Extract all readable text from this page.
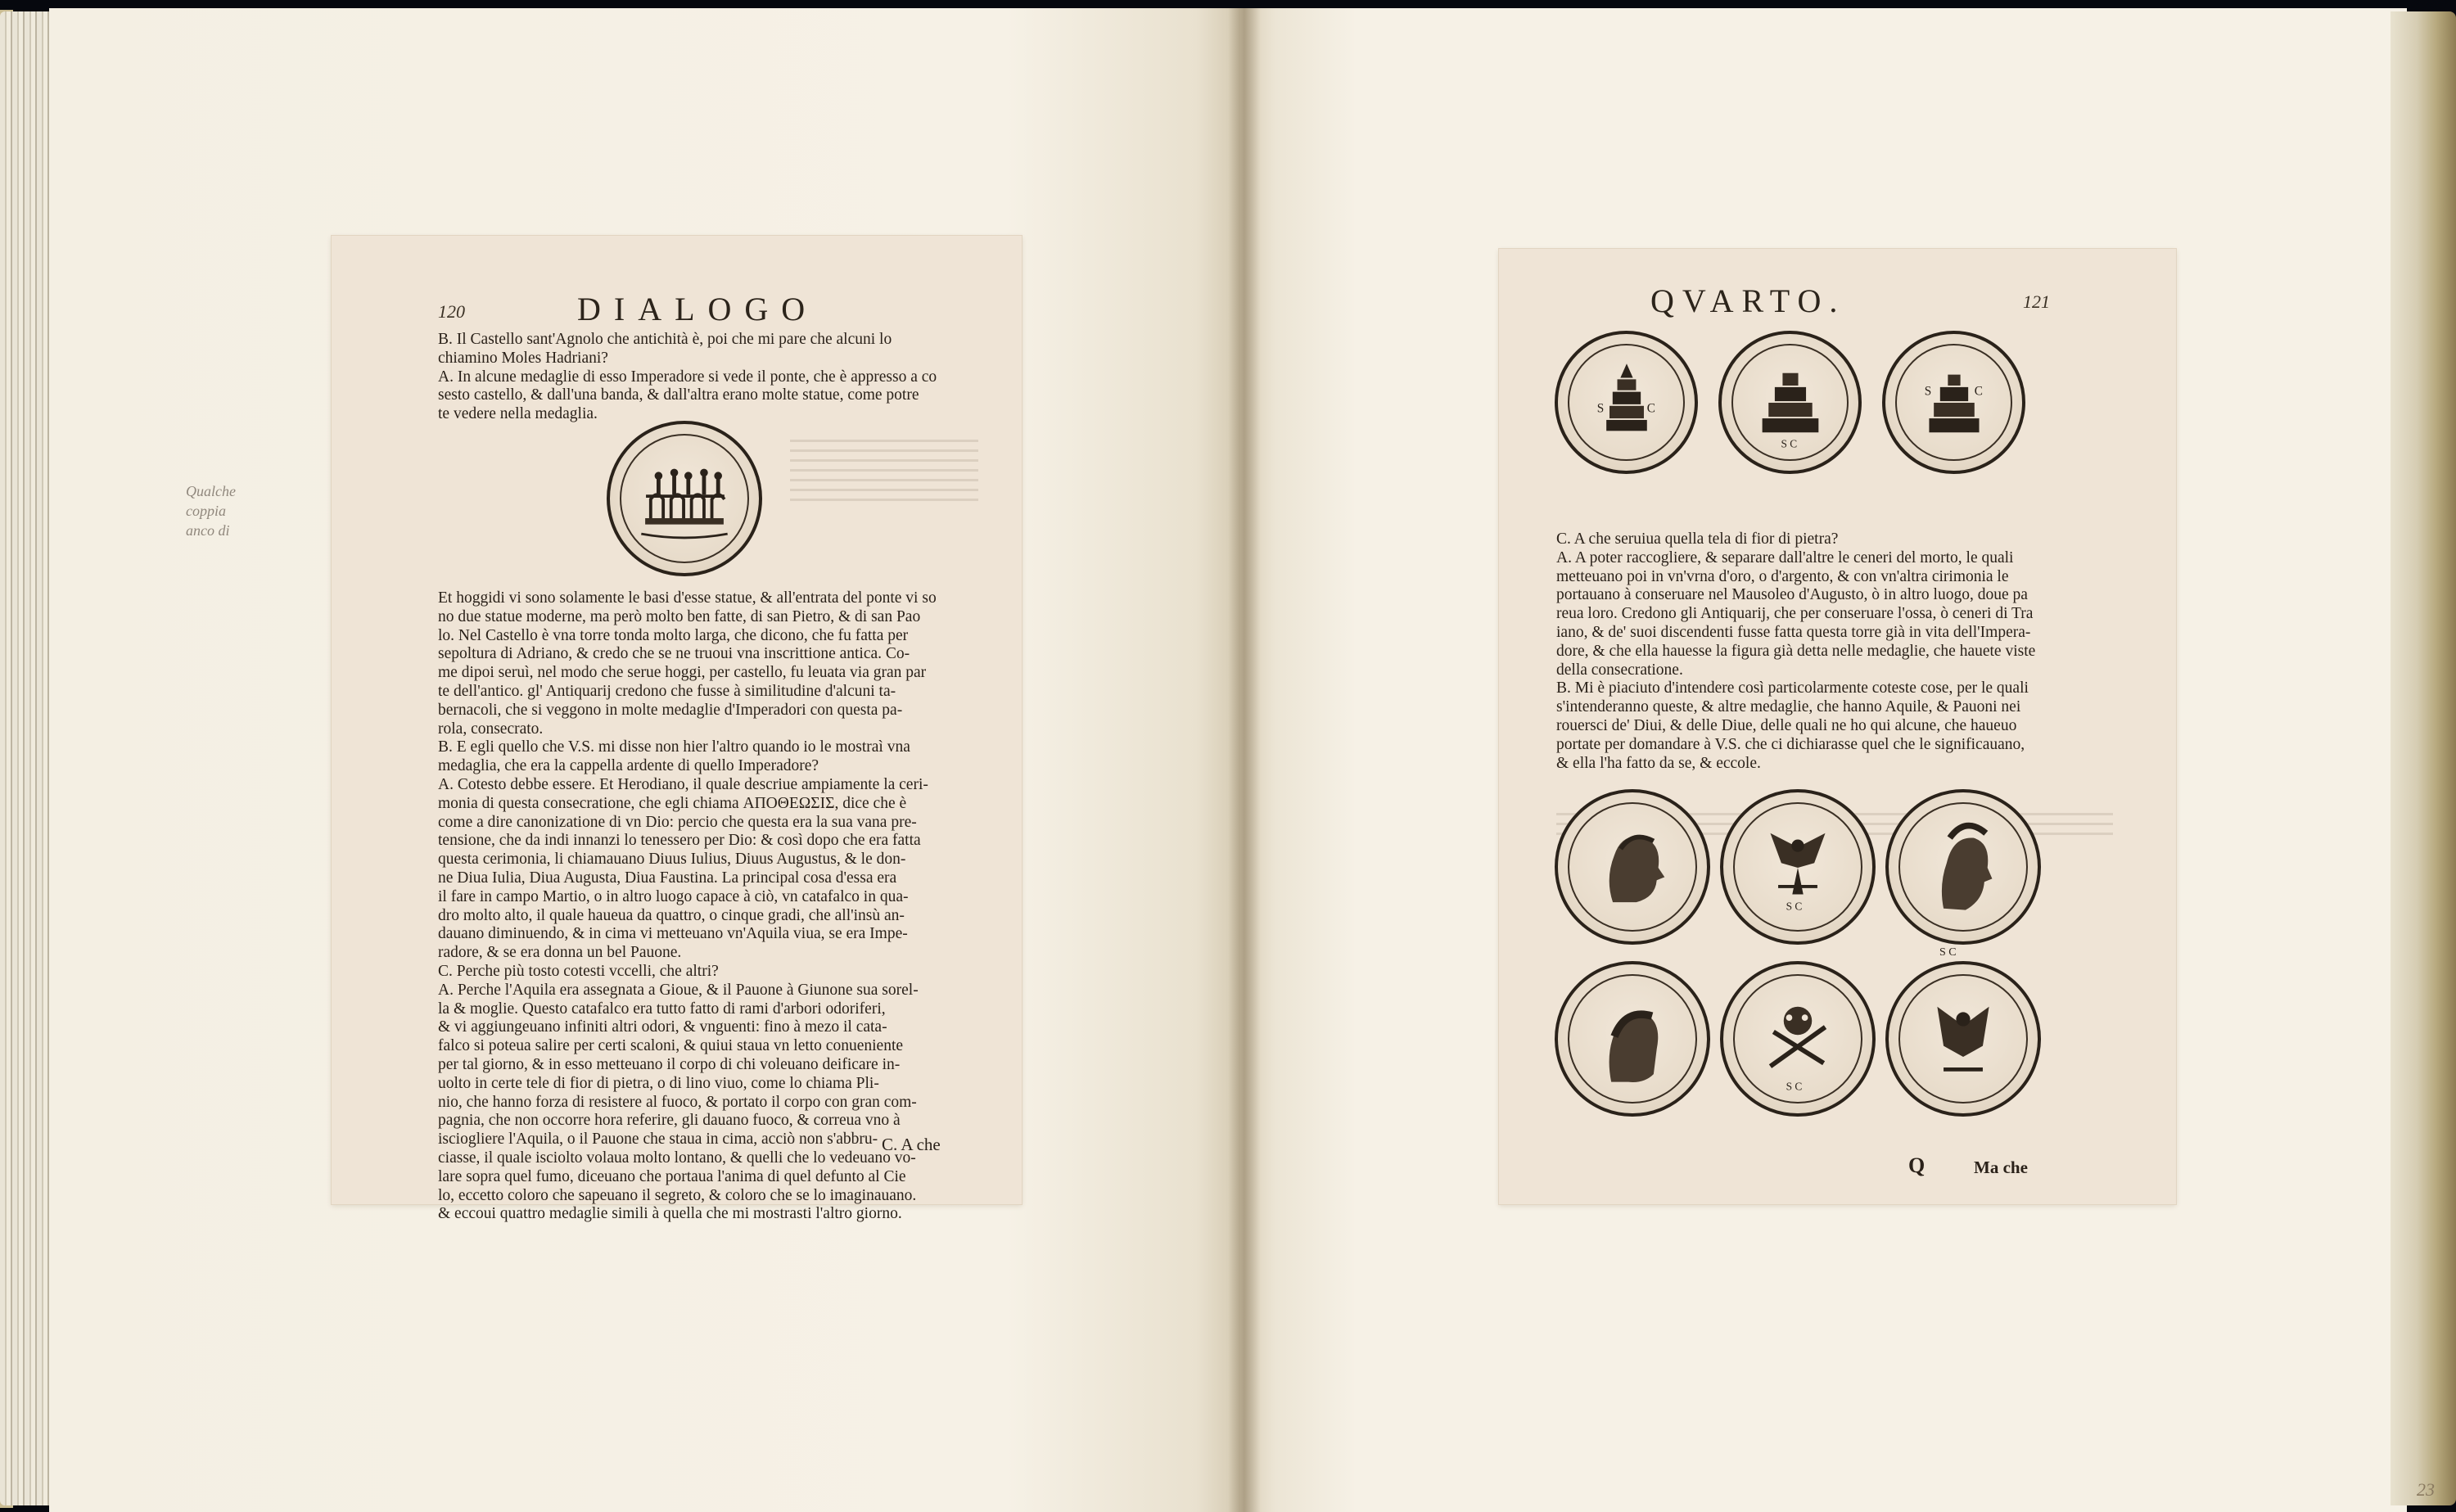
120	DIALOGO

B. Il Castello sant'Agnolo che antichità è, poi che mi pare che alcuni lo

chiamino Moles Hadriani?

A. In alcune medaglie di esso Imperadore si vede il ponte, che è appresso a co

sesto castello, & dall'una banda, & dall'altra erano molte statue, come potre

te vedere nella medaglia.

Qualche
coppia
anco di

Et hoggidi vi sono solamente le basi d'esse statue, & all'entrata del ponte vi so

no due statue moderne, ma però molto ben fatte, di san Pietro, & di san Pao

lo. Nel Castello è vna torre tonda molto larga, che dicono, che fu fatta per

sepoltura di Adriano, & credo che se ne truoui vna inscrittione antica. Co-

me dipoi seruì, nel modo che serue hoggi, per castello, fu leuata via gran par

te dell'antico. gl' Antiquarij credono che fusse à similitudine d'alcuni ta-

bernacoli, che si veggono in molte medaglie d'Imperadori con questa pa-

rola, consecrato.

B. E egli quello che V.S. mi disse non hier l'altro quando io le mostraì vna

medaglia, che era la cappella ardente di quello Imperadore?

A. Cotesto debbe essere. Et Herodiano, il quale descriue ampiamente la ceri-

monia di questa consecratione, che egli chiama ΑΠΟΘΕΩΣΙΣ, dice che è

come a dire canonizatione di vn Dio: percio che questa era la sua vana pre-

tensione, che da indi innanzi lo tenessero per Dio: & così dopo che era fatta

questa cerimonia, li chiamauano Diuus Iulius, Diuus Augustus, & le don-

ne Diua Iulia, Diua Augusta, Diua Faustina. La principal cosa d'essa era

il fare in campo Martio, o in altro luogo capace à ciò, vn catafalco in qua-

dro molto alto, il quale haueua da quattro, o cinque gradi, che all'insù an-

dauano diminuendo, & in cima vi metteuano vn'Aquila viua, se era Impe-

radore, & se era donna un bel Pauone.

C. Perche più tosto cotesti vccelli, che altri?

A. Perche l'Aquila era assegnata a Gioue, & il Pauone à Giunone sua sorel-

la & moglie. Questo catafalco era tutto fatto di rami d'arbori odoriferi,

& vi aggiungeuano infiniti altri odori, & vnguenti: fino à mezo il cata-

falco si poteua salire per certi scaloni, & quiui staua vn letto conueniente

per tal giorno, & in esso metteuano il corpo di chi voleuano deificare in-

uolto in certe tele di fior di pietra, o di lino viuo, come lo chiama Pli-

nio, che hanno forza di resistere al fuoco, & portato il corpo con gran com-

pagnia, che non occorre hora referire, gli dauano fuoco, & correua vno à

isciogliere l'Aquila, o il Pauone che staua in cima, acciò non s'abbru-

ciasse, il quale isciolto volaua molto lontano, & quelli che lo vedeuano vo-

lare sopra quel fumo, diceuano che portaua l'anima di quel defunto al Cie

lo, eccetto coloro che sapeuano il segreto, & coloro che se lo imaginauano.

& eccoui quattro medaglie simili à quella che mi mostrasti l'altro giorno.

C. A che
QVARTO.	121
S	C
S C
S	C

C. A che seruiua quella tela di fior di pietra?

A. A poter raccogliere, & separare dall'altre le ceneri del morto, le quali

metteuano poi in vn'vrna d'oro, o d'argento, & con vn'altra cirimonia le

portauano à conseruare nel Mausoleo d'Augusto, ò in altro luogo, doue pa

reua loro. Credono gli Antiquarij, che per conseruare l'ossa, ò ceneri di Tra

iano, & de' suoi discendenti fusse fatta questa torre già in vita dell'Impera-

dore, & che ella hauesse la figura già detta nelle medaglie, che hauete viste

della consecratione.

B. Mi è piaciuto d'intendere così particolarmente coteste cose, per le quali

s'intenderanno queste, & altre medaglie, che hanno Aquile, & Pauoni nei

rouersci de' Diui, & delle Diue, delle quali ne ho qui alcune, che haueuo

portate per domandare à V.S. che ci dichiarasse quel che le significauano,

& ella l'ha fatto da se, & eccole.

S C
S C
S C
Q	Ma che
23
